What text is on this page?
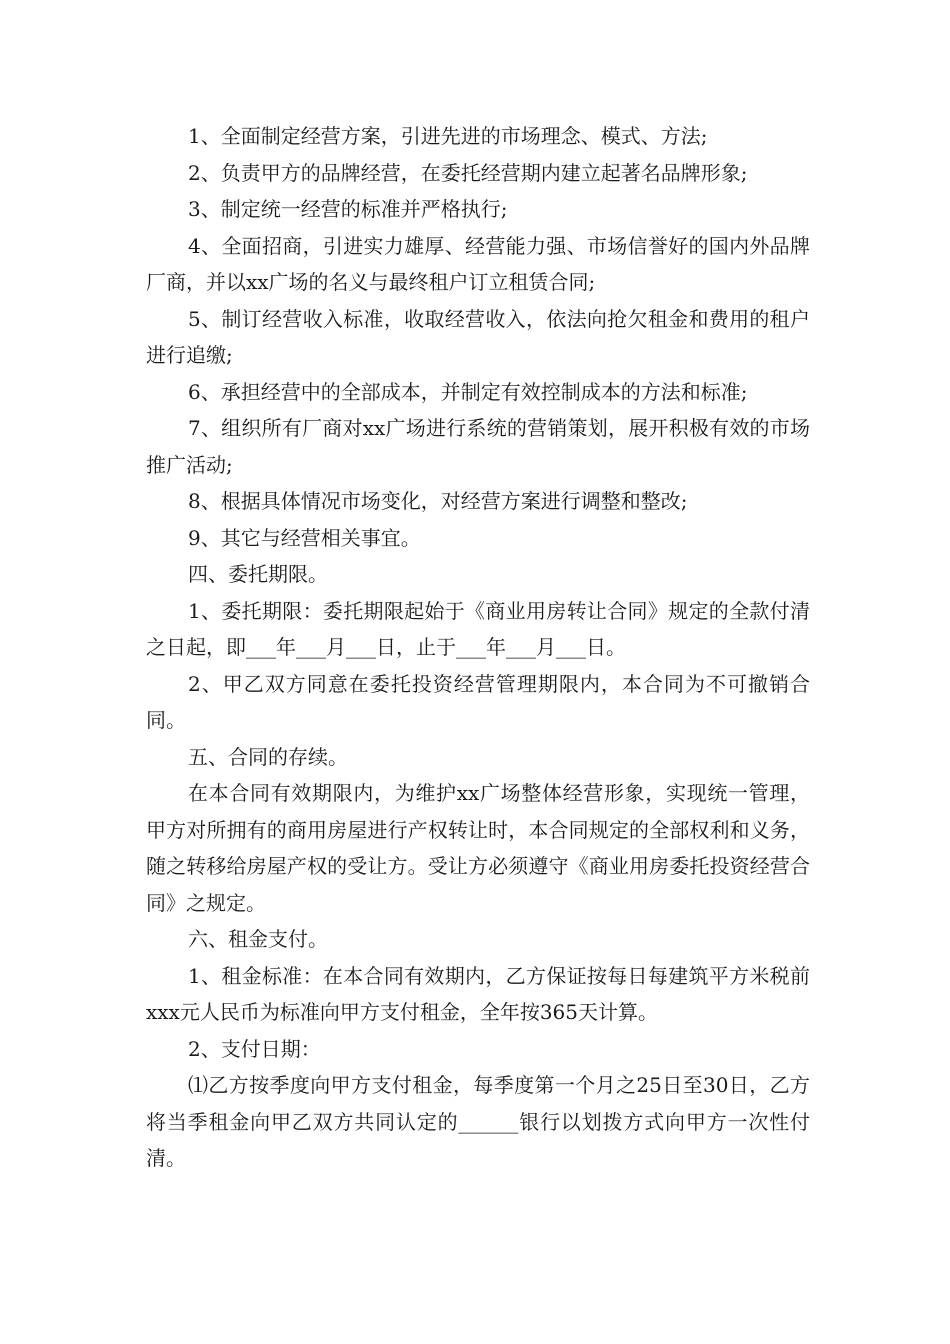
1、全面制定经营方案，引进先进的市场理念、模式、方法;

2、负责甲方的品牌经营，在委托经营期内建立起著名品牌形象;

3、制定统一经营的标准并严格执行;

4、全面招商，引进实力雄厚、经营能力强、市场信誉好的国内外品牌厂商，并以xx广场的名义与最终租户订立租赁合同;

5、制订经营收入标准，收取经营收入，依法向抢欠租金和费用的租户进行追缴;

6、承担经营中的全部成本，并制定有效控制成本的方法和标准;

7、组织所有厂商对xx广场进行系统的营销策划，展开积极有效的市场推广活动;

8、根据具体情况市场变化，对经营方案进行调整和整改;

9、其它与经营相关事宜。

四、委托期限。

1、委托期限：委托期限起始于《商业用房转让合同》规定的全款付清之日起，即___年___月___日，止于___年___月___日。

2、甲乙双方同意在委托投资经营管理期限内，本合同为不可撤销合同。

五、合同的存续。

在本合同有效期限内，为维护xx广场整体经营形象，实现统一管理，甲方对所拥有的商用房屋进行产权转让时，本合同规定的全部权利和义务，随之转移给房屋产权的受让方。受让方必须遵守《商业用房委托投资经营合同》之规定。

六、租金支付。

1、租金标准：在本合同有效期内，乙方保证按每日每建筑平方米税前xxx元人民币为标准向甲方支付租金，全年按365天计算。

2、支付日期：

⑴乙方按季度向甲方支付租金，每季度第一个月之25日至30日，乙方将当季租金向甲乙双方共同认定的______银行以划拨方式向甲方一次性付清。
